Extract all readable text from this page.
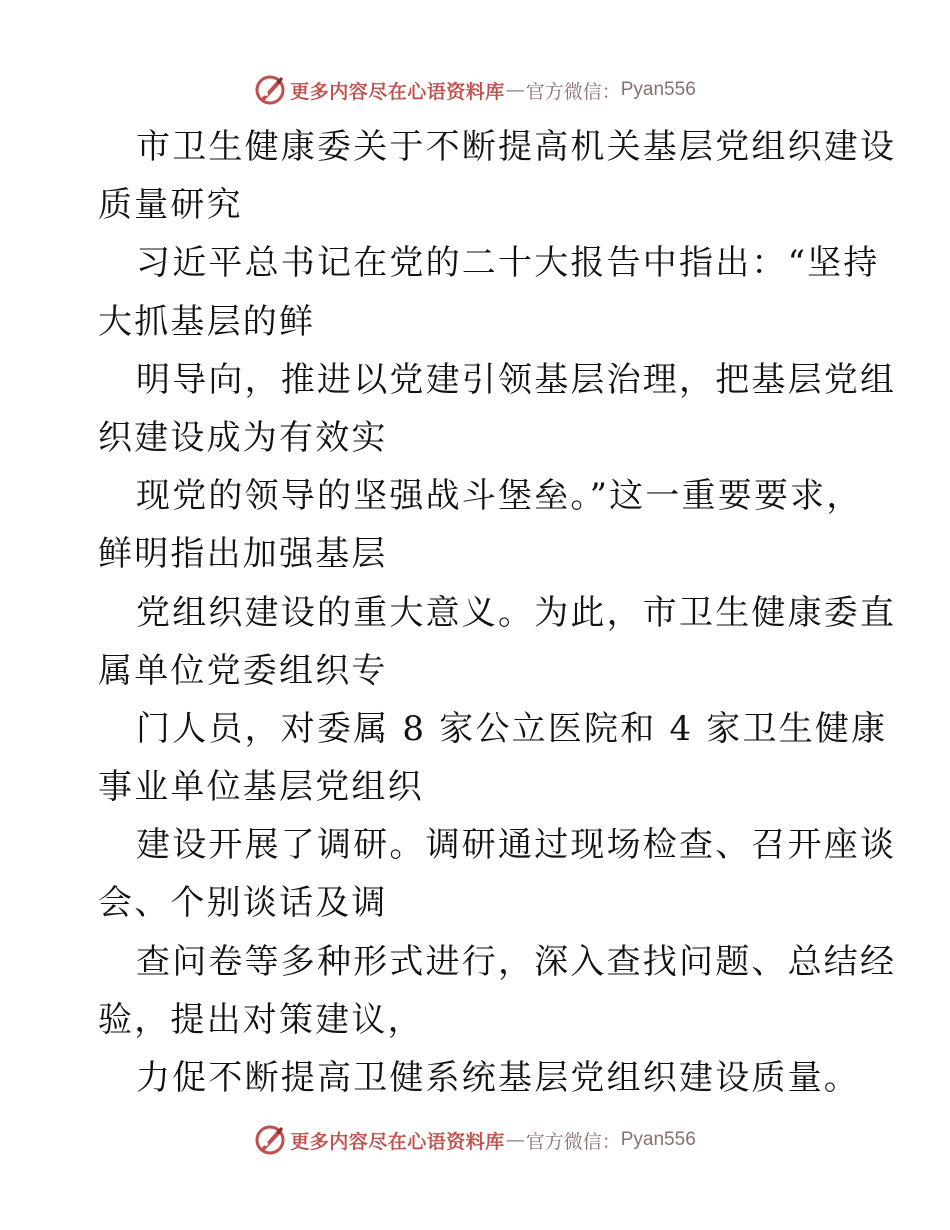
更多内容尽在心语资料库 — 官方微信： Pyan556
市卫生健康委关于不断提高机关基层党组织建设
质量研究
习近平总书记在党的二十大报告中指出：“坚持
大抓基层的鲜
明导向，推进以党建引领基层治理，把基层党组
织建设成为有效实
现党的领导的坚强战斗堡垒。”这一重要要求，
鲜明指出加强基层
党组织建设的重大意义。为此，市卫生健康委直
属单位党委组织专
门人员，对委属 8 家公立医院和 4 家卫生健康
事业单位基层党组织
建设开展了调研。调研通过现场检查、召开座谈
会、个别谈话及调
查问卷等多种形式进行，深入查找问题、总结经
验，提出对策建议，
力促不断提高卫健系统基层党组织建设质量。
更多内容尽在心语资料库 — 官方微信： Pyan556
